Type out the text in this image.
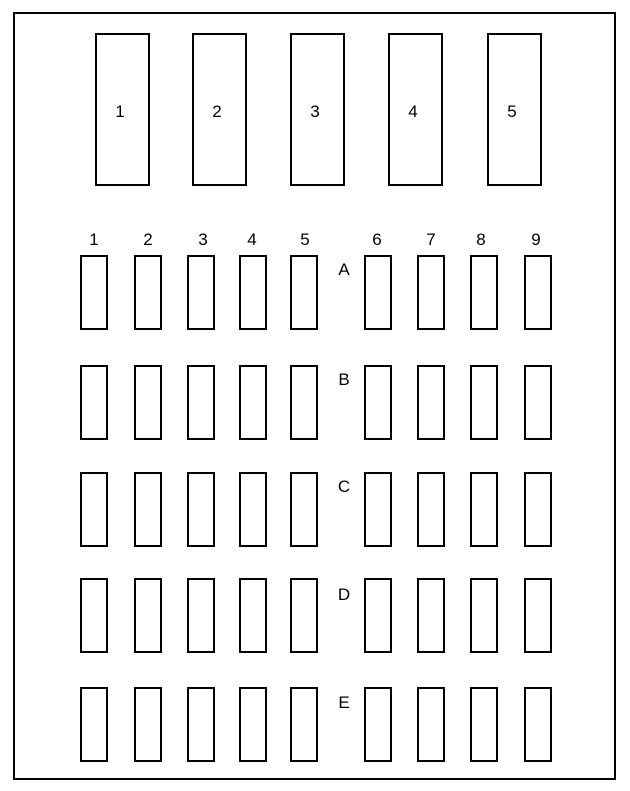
1	2	3	4	5
1	2	3 4	5	6	7 8	9
A
B
C
D
E
